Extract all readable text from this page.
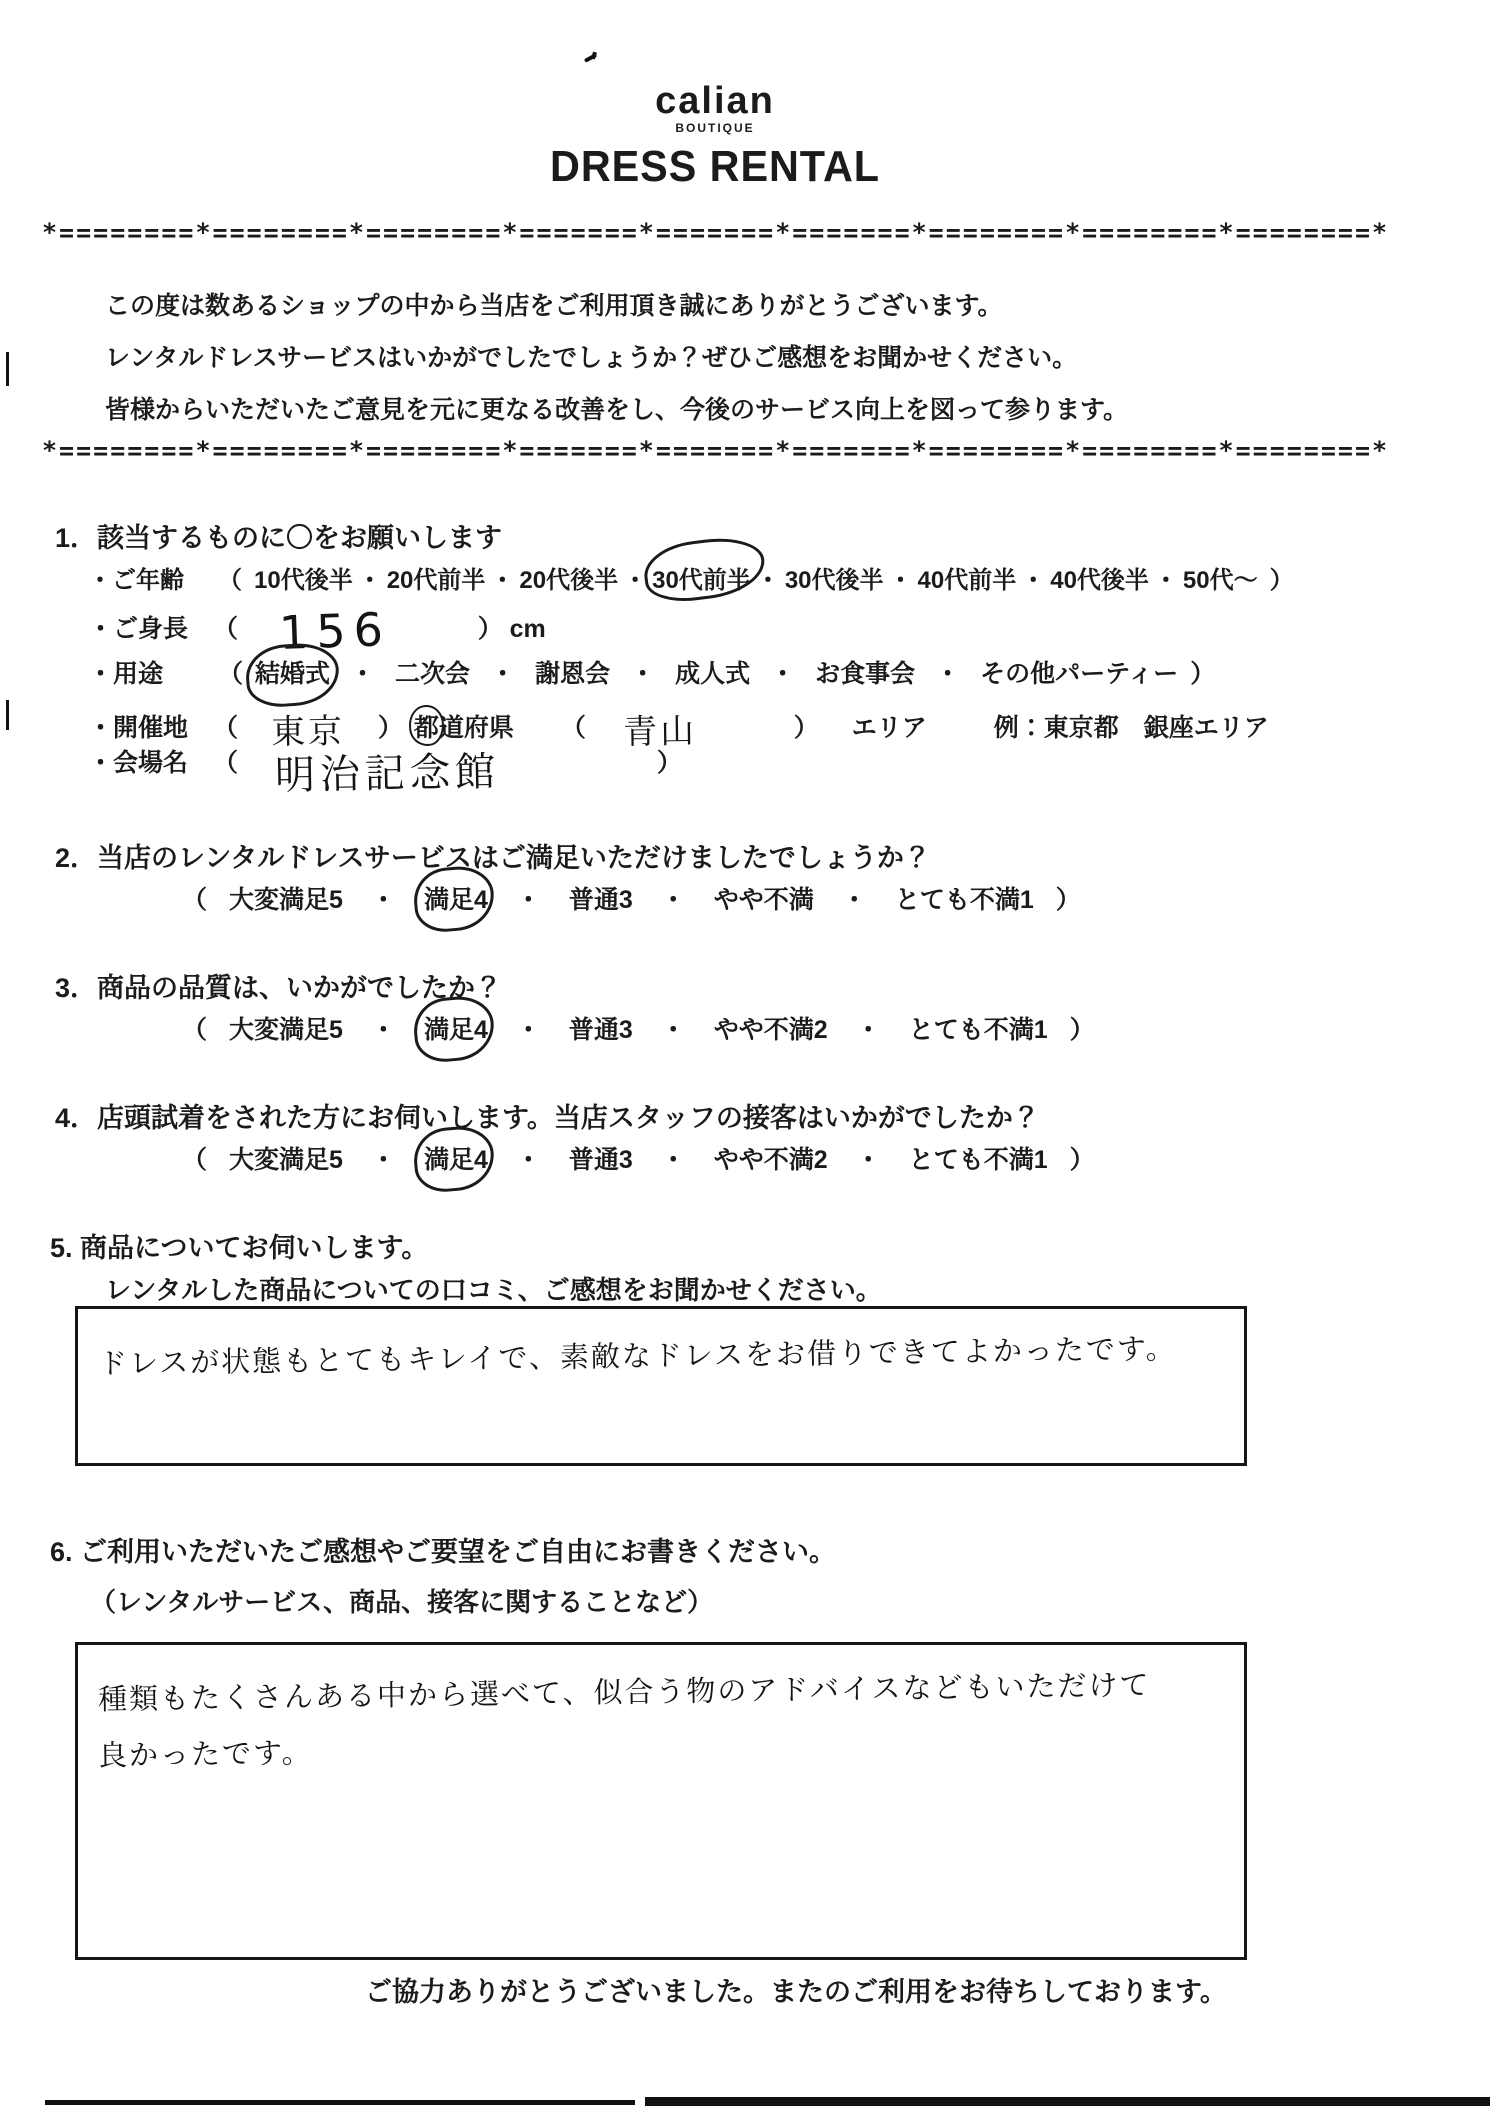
calian
BOUTIQUE
DRESS RENTAL
*========*========*========*=======*=======*=======*========*========*========*

この度は数あるショップの中から当店をご利用頂き誠にありがとうございます。

レンタルドレスサービスはいかがでしたでしょうか？ぜひご感想をお聞かせください。

皆様からいただいたご意見を元に更なる改善をし、今後のサービス向上を図って参ります。

*========*========*========*=======*=======*=======*========*========*========*
1．該当するものに〇をお願いします
・ご年齢 （ 10代後半 ・ 20代前半 ・ 20代後半 ・ 30代前半 ・ 30代後半 ・ 40代前半 ・ 40代後半 ・ 50代～ ）
・ご身長 （ 156	） cm
・用途 （ 結婚式 ・ 二次会 ・ 謝恩会 ・ 成人式 ・ お食事会 ・ その他パーティー ）
・開催地 （ 東京 ） 都道府県 （ 青山	） エリア	例：東京都　銀座エリア
・会場名 （ 明治記念館	）
2．当店のレンタルドレスサービスはご満足いただけましたでしょうか？
（ 大変満足5 ・ 満足4 ・ 普通3 ・ やや不満 ・ とても不満1 ）
3．商品の品質は、いかがでしたか？
（ 大変満足5 ・ 満足4 ・ 普通3 ・ やや不満2 ・ とても不満1 ）
4．店頭試着をされた方にお伺いします。当店スタッフの接客はいかがでしたか？
（ 大変満足5 ・ 満足4 ・ 普通3 ・ やや不満2 ・ とても不満1 ）
5. 商品についてお伺いします。
レンタルした商品についての口コミ、ご感想をお聞かせください。

ドレスが状態もとてもキレイで、素敵なドレスをお借りできてよかったです。

6. ご利用いただいたご感想やご要望をご自由にお書きください。
（レンタルサービス、商品、接客に関することなど）

種類もたくさんある中から選べて、似合う物のアドバイスなどもいただけて

良かったです。

ご協力ありがとうございました。またのご利用をお待ちしております。
